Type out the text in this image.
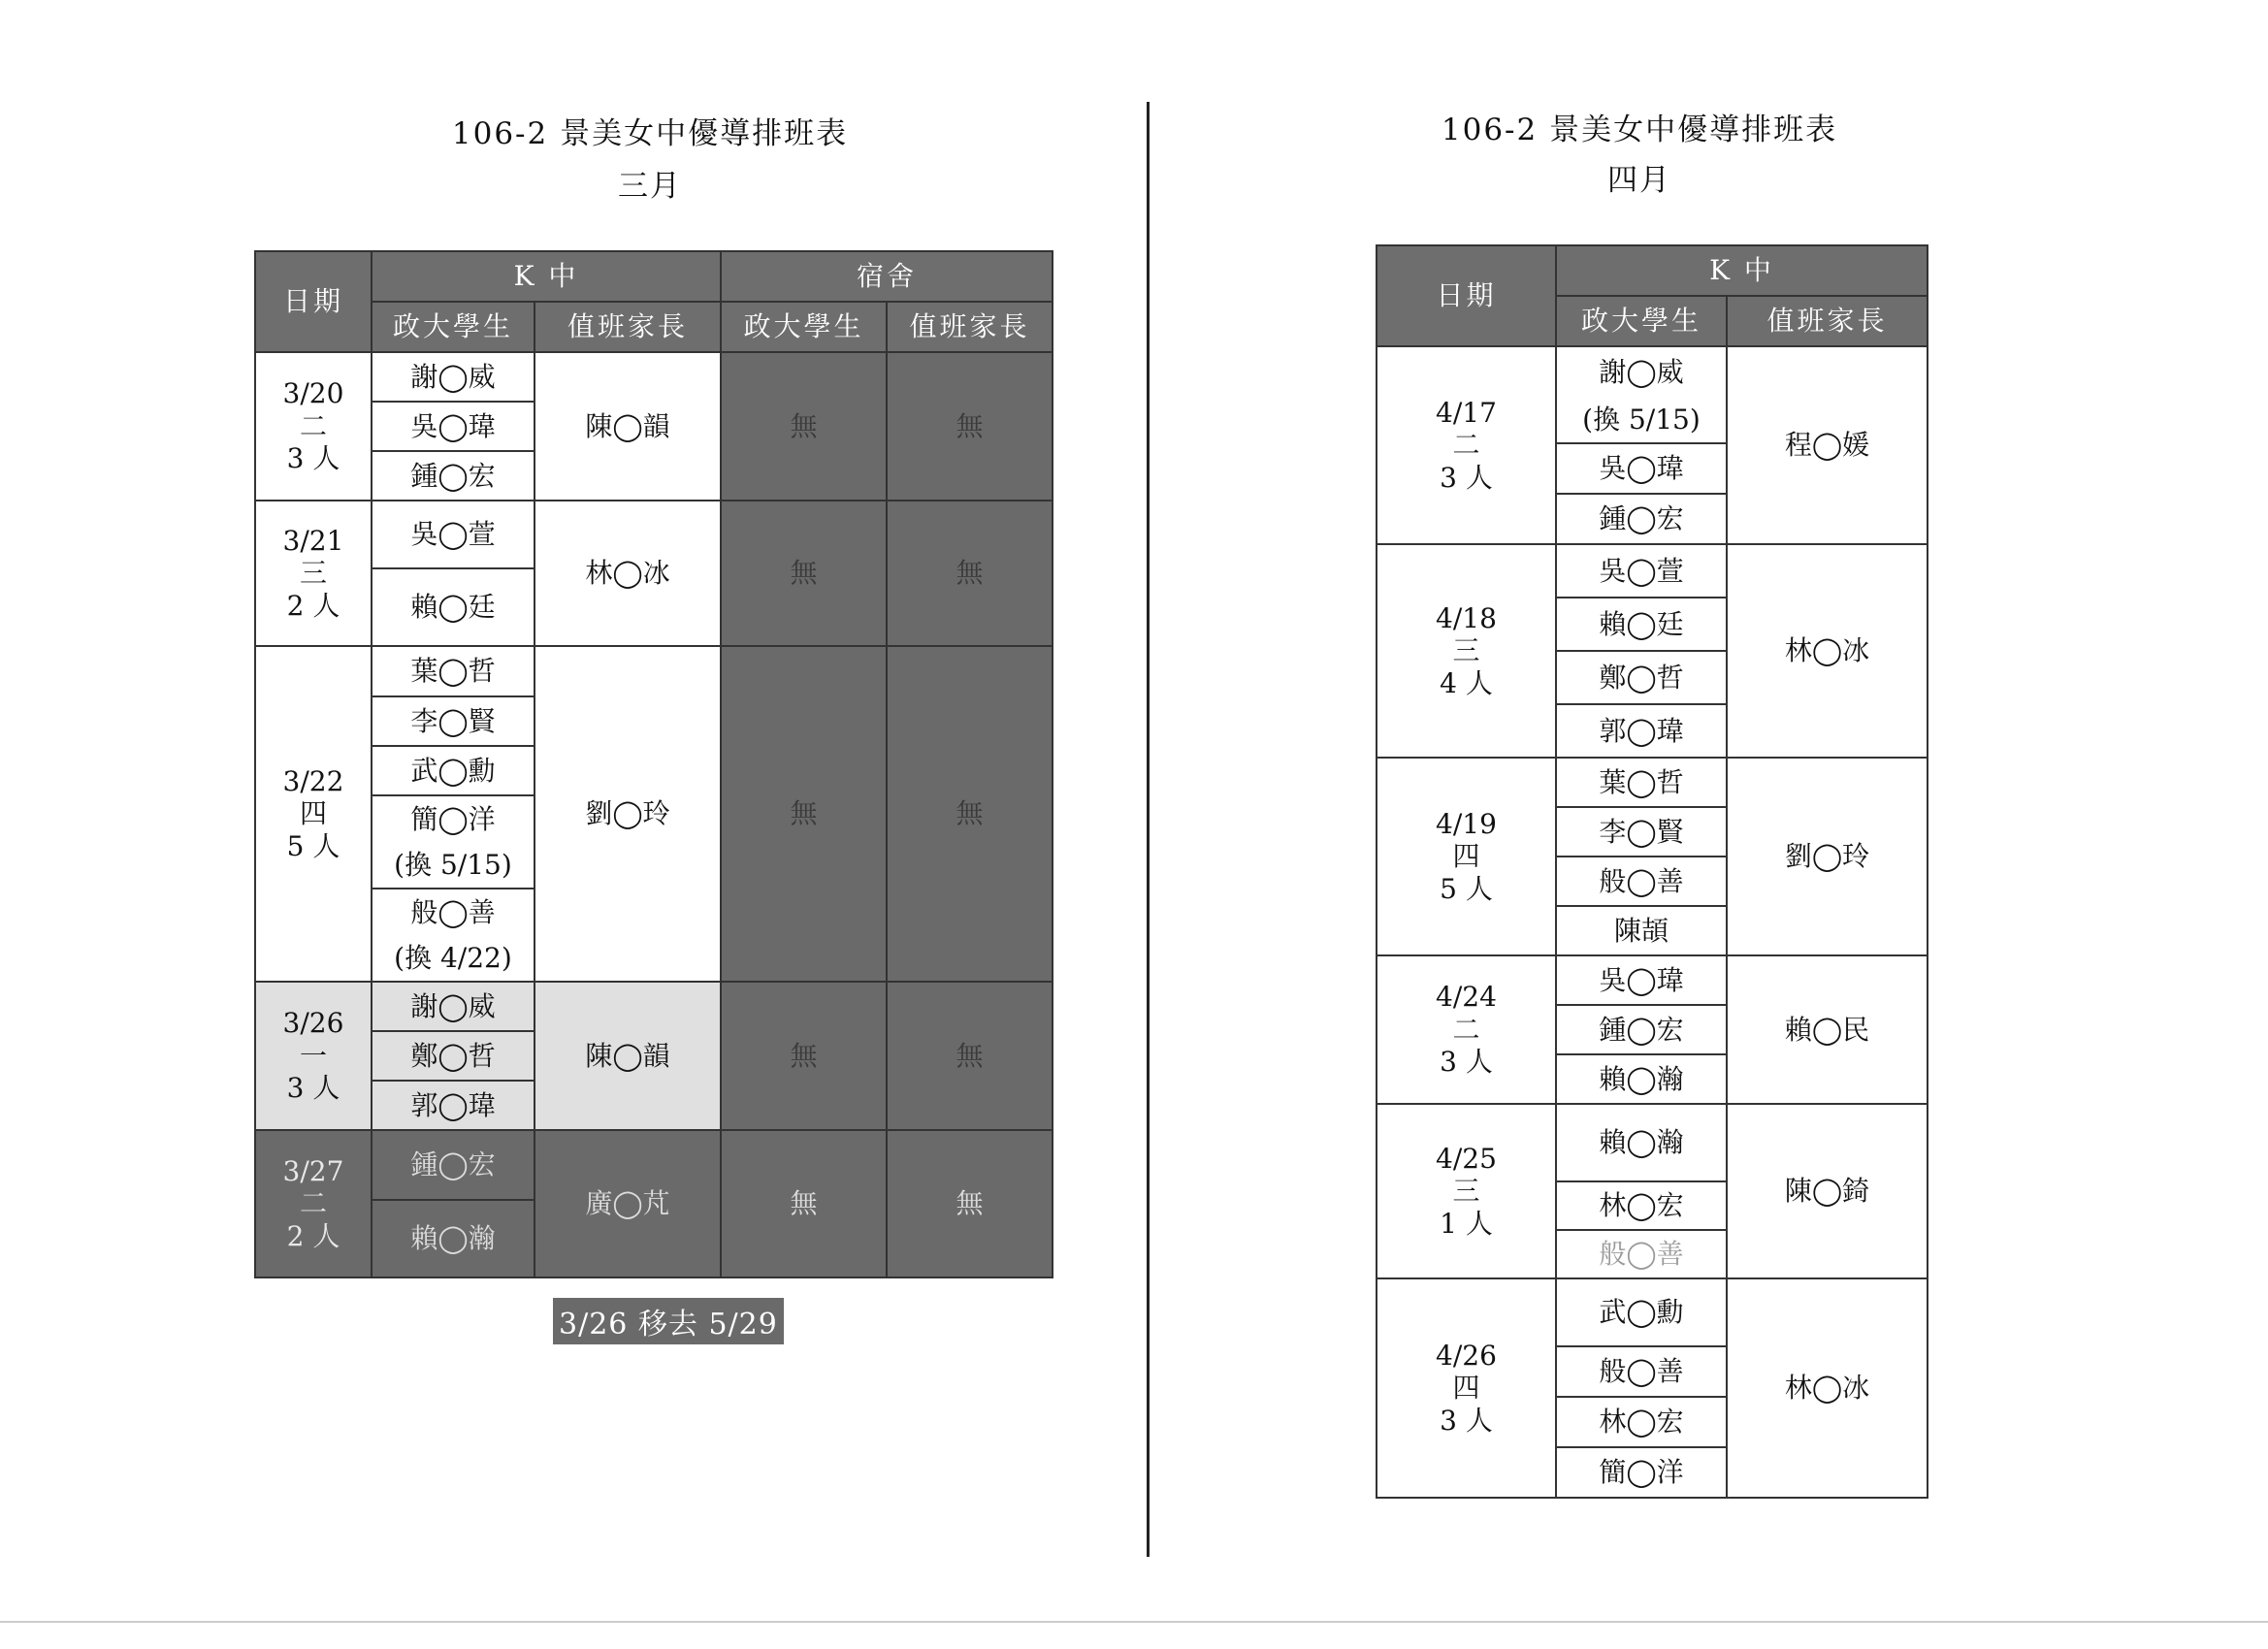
106-2 景美女中優導排班表
三月
日期	K 中		宿舍	
	政大學生	值班家長	政大學生	值班家長

3/20
二
3 人	謝◯威	陳◯韻	無	無
	吳◯瑋			
	鍾◯宏			

3/21
三
2 人	吳◯萱	林◯冰	無	無
	賴◯廷			

3/22
四
5 人	葉◯哲	劉◯玲	無	無
	李◯賢			
	武◯勳			
	簡◯洋			
	(換 5/15)			
	般◯善			
	(換 4/22)			

3/26
一
3 人	謝◯威	陳◯韻	無	無
	鄭◯哲			
	郭◯瑋			

3/27
二
2 人	鍾◯宏	廣◯芃	無	無
	賴◯瀚			
3/26 移去 5/29
106-2 景美女中優導排班表
四月
日期	K 中	
	政大學生	值班家長

4/17
二
3 人	謝◯威	程◯媛
	(換 5/15)	
	吳◯瑋	
	鍾◯宏	

4/18
三
4 人	吳◯萱	林◯冰
	賴◯廷	
	鄭◯哲	
	郭◯瑋	

4/19
四
5 人	葉◯哲	劉◯玲
	李◯賢	
	般◯善	
	陳頡	

4/24
二
3 人	吳◯瑋	賴◯民
	鍾◯宏	
	賴◯瀚	

4/25
三
1 人	賴◯瀚	陳◯錡
	林◯宏	
	般◯善	

4/26
四
3 人	武◯勳	林◯冰
	般◯善	
	林◯宏	
	簡◯洋	
